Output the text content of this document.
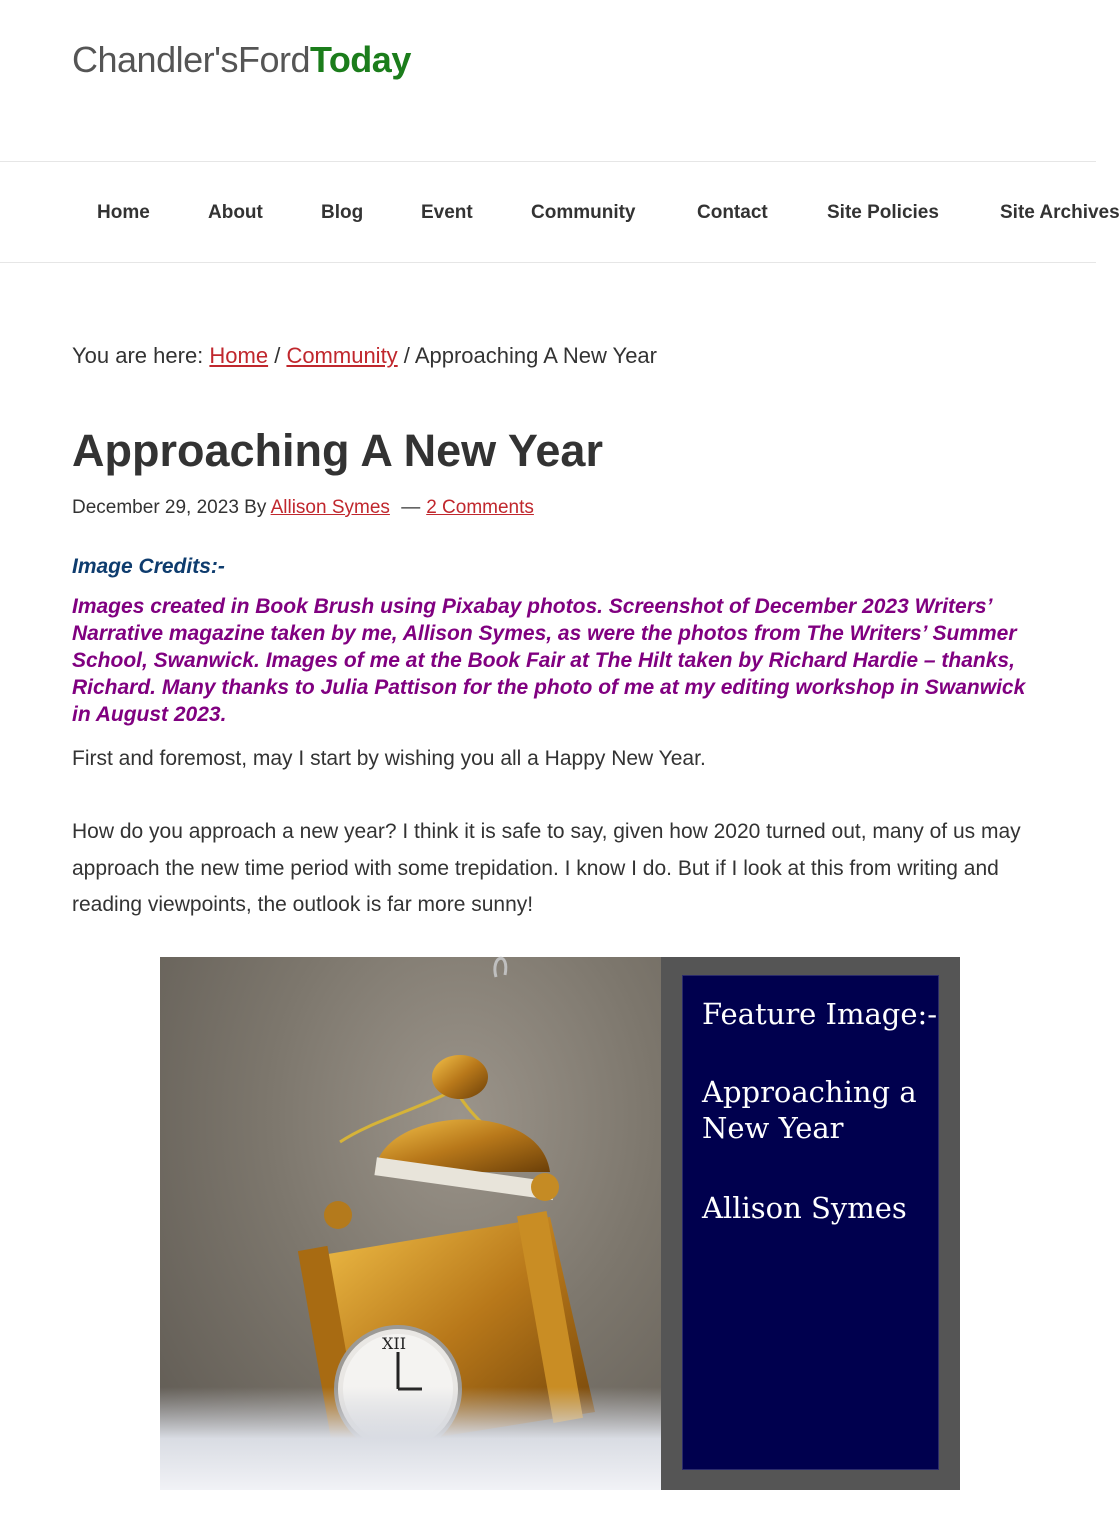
Chandler'sFordToday
Home	About	Blog	Event	Community	Contact	Site Policies	Site Archives
You are here: Home / Community / Approaching A New Year
Approaching A New Year
December 29, 2023 By Allison Symes — 2 Comments
Image Credits:-
Images created in Book Brush using Pixabay photos. Screenshot of December 2023 Writers’ Narrative magazine taken by me, Allison Symes, as were the photos from The Writers’ Summer School, Swanwick. Images of me at the Book Fair at The Hilt taken by Richard Hardie – thanks, Richard. Many thanks to Julia Pattison for the photo of me at my editing workshop in Swanwick in August 2023.

First and foremost, may I start by wishing you all a Happy New Year.

How do you approach a new year? I think it is safe to say, given how 2020 turned out, many of us may approach the new time period with some trepidation. I know I do. But if I look at this from writing and reading viewpoints, the outlook is far more sunny!

XII
Feature Image:-
Approaching a
New Year
Allison Symes
